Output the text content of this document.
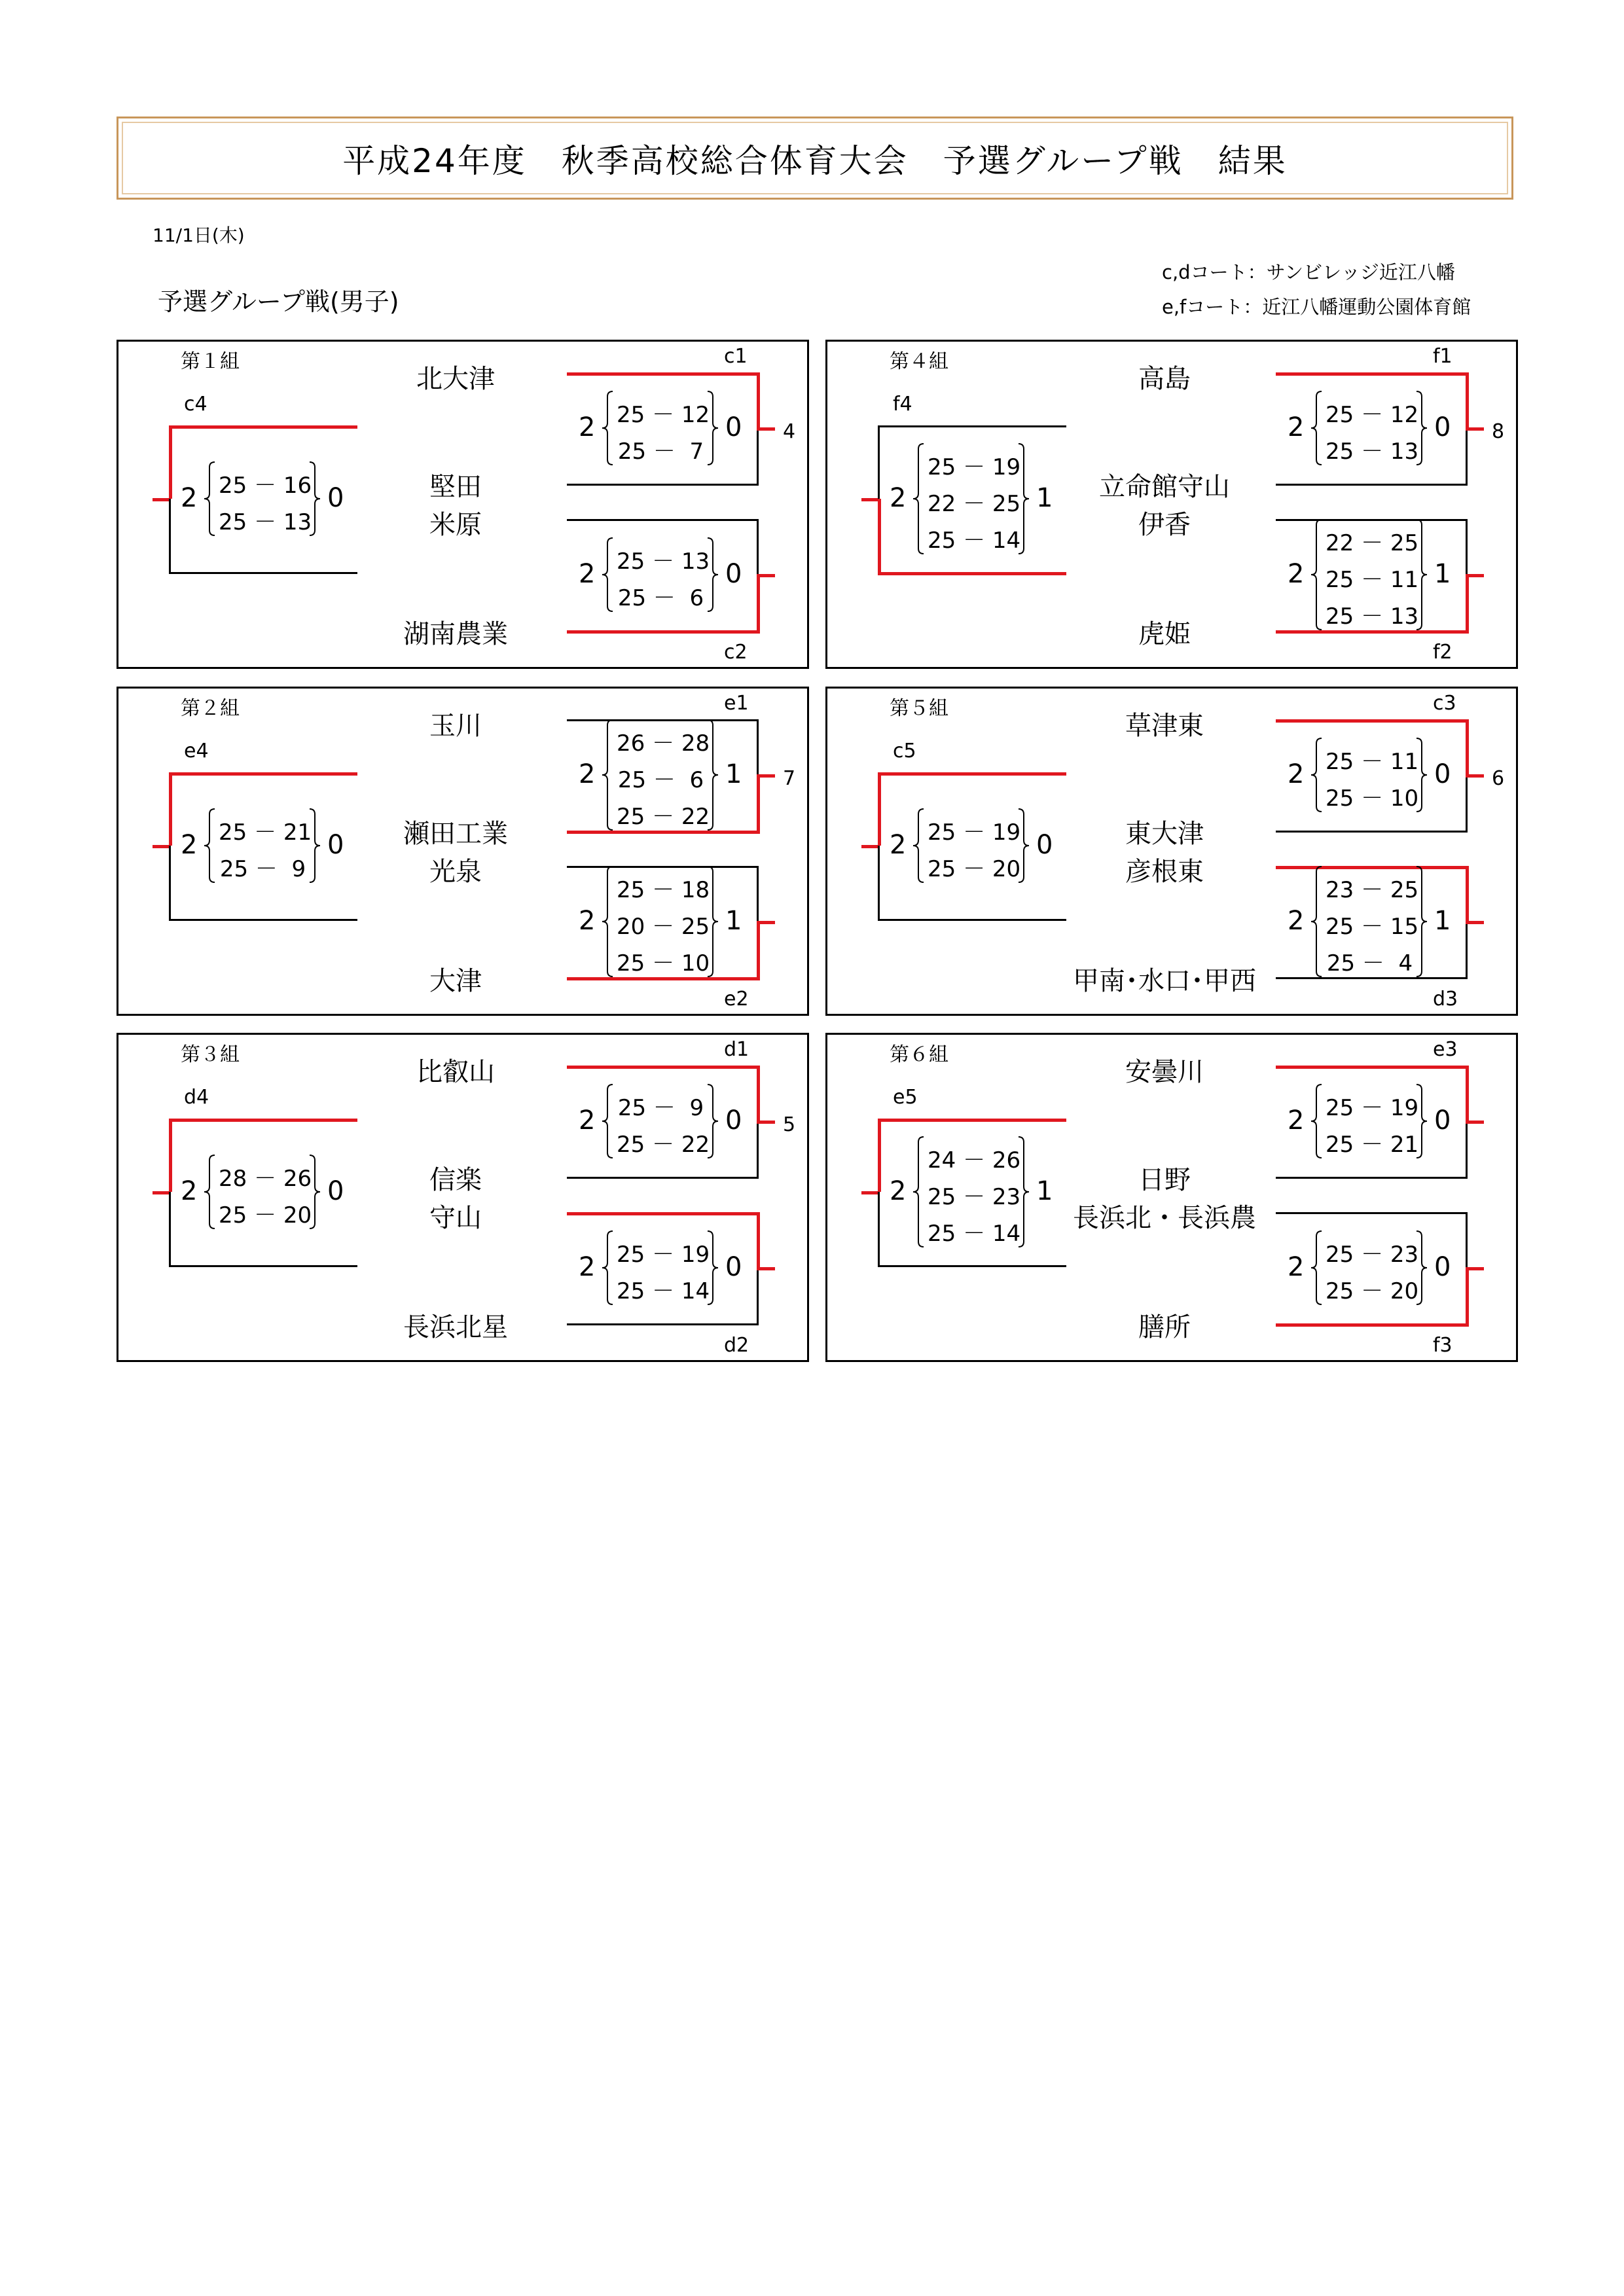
平成24年度　秋季高校総合体育大会　予選グループ戦　結果
11/1日(木)
予選グループ戦(男子)
c,dコート：サンビレッジ近江八幡
e,fコート：近江八幡運動公園体育館
第１組
北大津
堅田
米原
湖南農業
c4
2 25 － 16
25 － 13
0
c1
2 25 － 12
25 －  7
0
c2
2 25 － 13
25 －  6
0
4
第４組
高島
立命館守山
伊香
虎姫
f4
2
25 － 19
22 － 25
25 － 14
1
f1
2 25 － 12
25 － 13
0
f2
2
22 － 25
25 － 11
25 － 13
1
8
第２組
玉川
瀬田工業
光泉
大津
e4
2 25 － 21
25 －  9
0
e1
2
26 － 28
25 －  6
25 － 22
1
e2
2
25 － 18
20 － 25
25 － 10
1
7
第５組
草津東
東大津
彦根東
甲南･水口･甲西
c5
2 25 － 19
25 － 20
0
c3
2 25 － 11
25 － 10
0
d3
2
23 － 25
25 － 15
25 －  4
1
6
第３組
比叡山
信楽
守山
長浜北星
d4
2 28 － 26
25 － 20
0
d1
2 25 －  9
25 － 22
0
d2
2 25 － 19
25 － 14
0
5
第６組
安曇川
日野
長浜北・長浜農
膳所
e5
2
24 － 26
25 － 23
25 － 14
1
e3
2 25 － 19
25 － 21
0
f3
2 25 － 23
25 － 20
0
